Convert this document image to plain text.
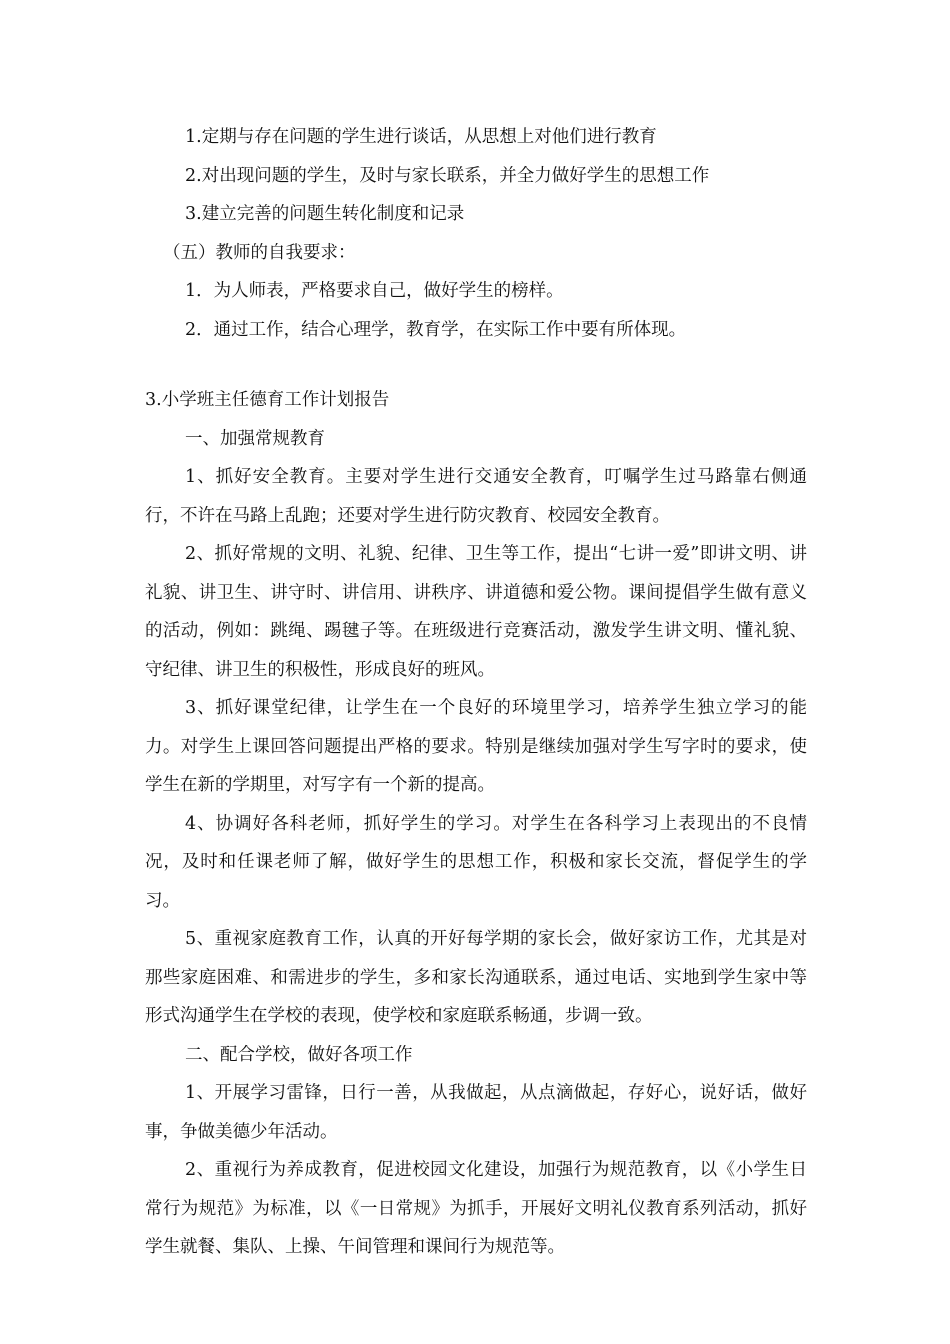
1.定期与存在问题的学生进行谈话，从思想上对他们进行教育

2.对出现问题的学生，及时与家长联系，并全力做好学生的思想工作

3.建立完善的问题生转化制度和记录

（五）教师的自我要求：

1．为人师表，严格要求自己，做好学生的榜样。

2．通过工作，结合心理学，教育学，在实际工作中要有所体现。

3.小学班主任德育工作计划报告

一、加强常规教育

1、抓好安全教育。主要对学生进行交通安全教育，叮嘱学生过马路靠右侧通行，不许在马路上乱跑；还要对学生进行防灾教育、校园安全教育。

2、抓好常规的文明、礼貌、纪律、卫生等工作，提出“七讲一爱”即讲文明、讲礼貌、讲卫生、讲守时、讲信用、讲秩序、讲道德和爱公物。课间提倡学生做有意义的活动，例如：跳绳、踢毽子等。在班级进行竞赛活动，激发学生讲文明、懂礼貌、守纪律、讲卫生的积极性，形成良好的班风。

3、抓好课堂纪律，让学生在一个良好的环境里学习，培养学生独立学习的能力。对学生上课回答问题提出严格的要求。特别是继续加强对学生写字时的要求，使学生在新的学期里，对写字有一个新的提高。

4、协调好各科老师，抓好学生的学习。对学生在各科学习上表现出的不良情况，及时和任课老师了解，做好学生的思想工作，积极和家长交流，督促学生的学习。

5、重视家庭教育工作，认真的开好每学期的家长会，做好家访工作，尤其是对那些家庭困难、和需进步的学生，多和家长沟通联系，通过电话、实地到学生家中等形式沟通学生在学校的表现，使学校和家庭联系畅通，步调一致。

二、配合学校，做好各项工作

1、开展学习雷锋，日行一善，从我做起，从点滴做起，存好心，说好话，做好事，争做美德少年活动。

2、重视行为养成教育，促进校园文化建设，加强行为规范教育，以《小学生日常行为规范》为标准，以《一日常规》为抓手，开展好文明礼仪教育系列活动，抓好学生就餐、集队、上操、午间管理和课间行为规范等。
